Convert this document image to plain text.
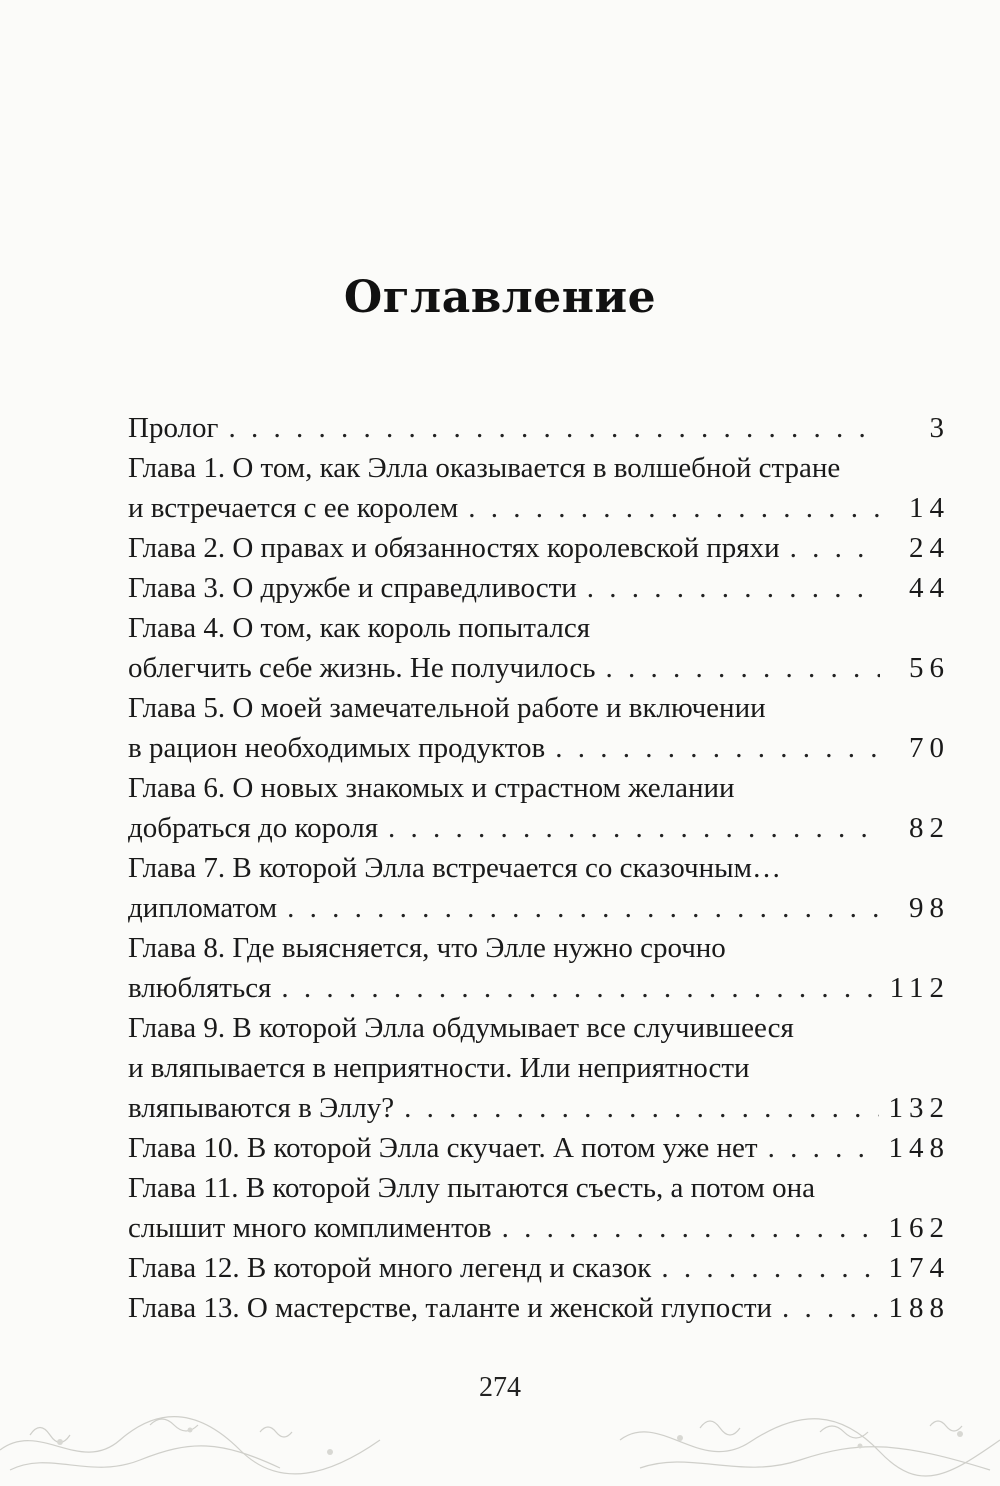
Оглавление
Пролог . . .	3
Глава 1. О том, как Элла оказывается в волшебной стране
и встречается с ее королем . . .	14
Глава 2. О правах и обязанностях королевской пряхи . . .	24
Глава 3. О дружбе и справедливости . . .	44
Глава 4. О том, как король попытался
облегчить себе жизнь. Не получилось . . .	56
Глава 5. О моей замечательной работе и включении
в рацион необходимых продуктов . . .	70
Глава 6. О новых знакомых и страстном желании
добраться до короля . . .	82
Глава 7. В которой Элла встречается со сказочным…
дипломатом . . .	98
Глава 8. Где выясняется, что Элле нужно срочно
влюбляться . . .	112
Глава 9. В которой Элла обдумывает все случившееся
и вляпывается в неприятности. Или неприятности
вляпываются в Эллу? . . .	132
Глава 10. В которой Элла скучает. А потом уже нет . . .	148
Глава 11. В которой Эллу пытаются съесть, а потом она
слышит много комплиментов . . .	162
Глава 12. В которой много легенд и сказок . . .	174
Глава 13. О мастерстве, таланте и женской глупости . . .	188
274
